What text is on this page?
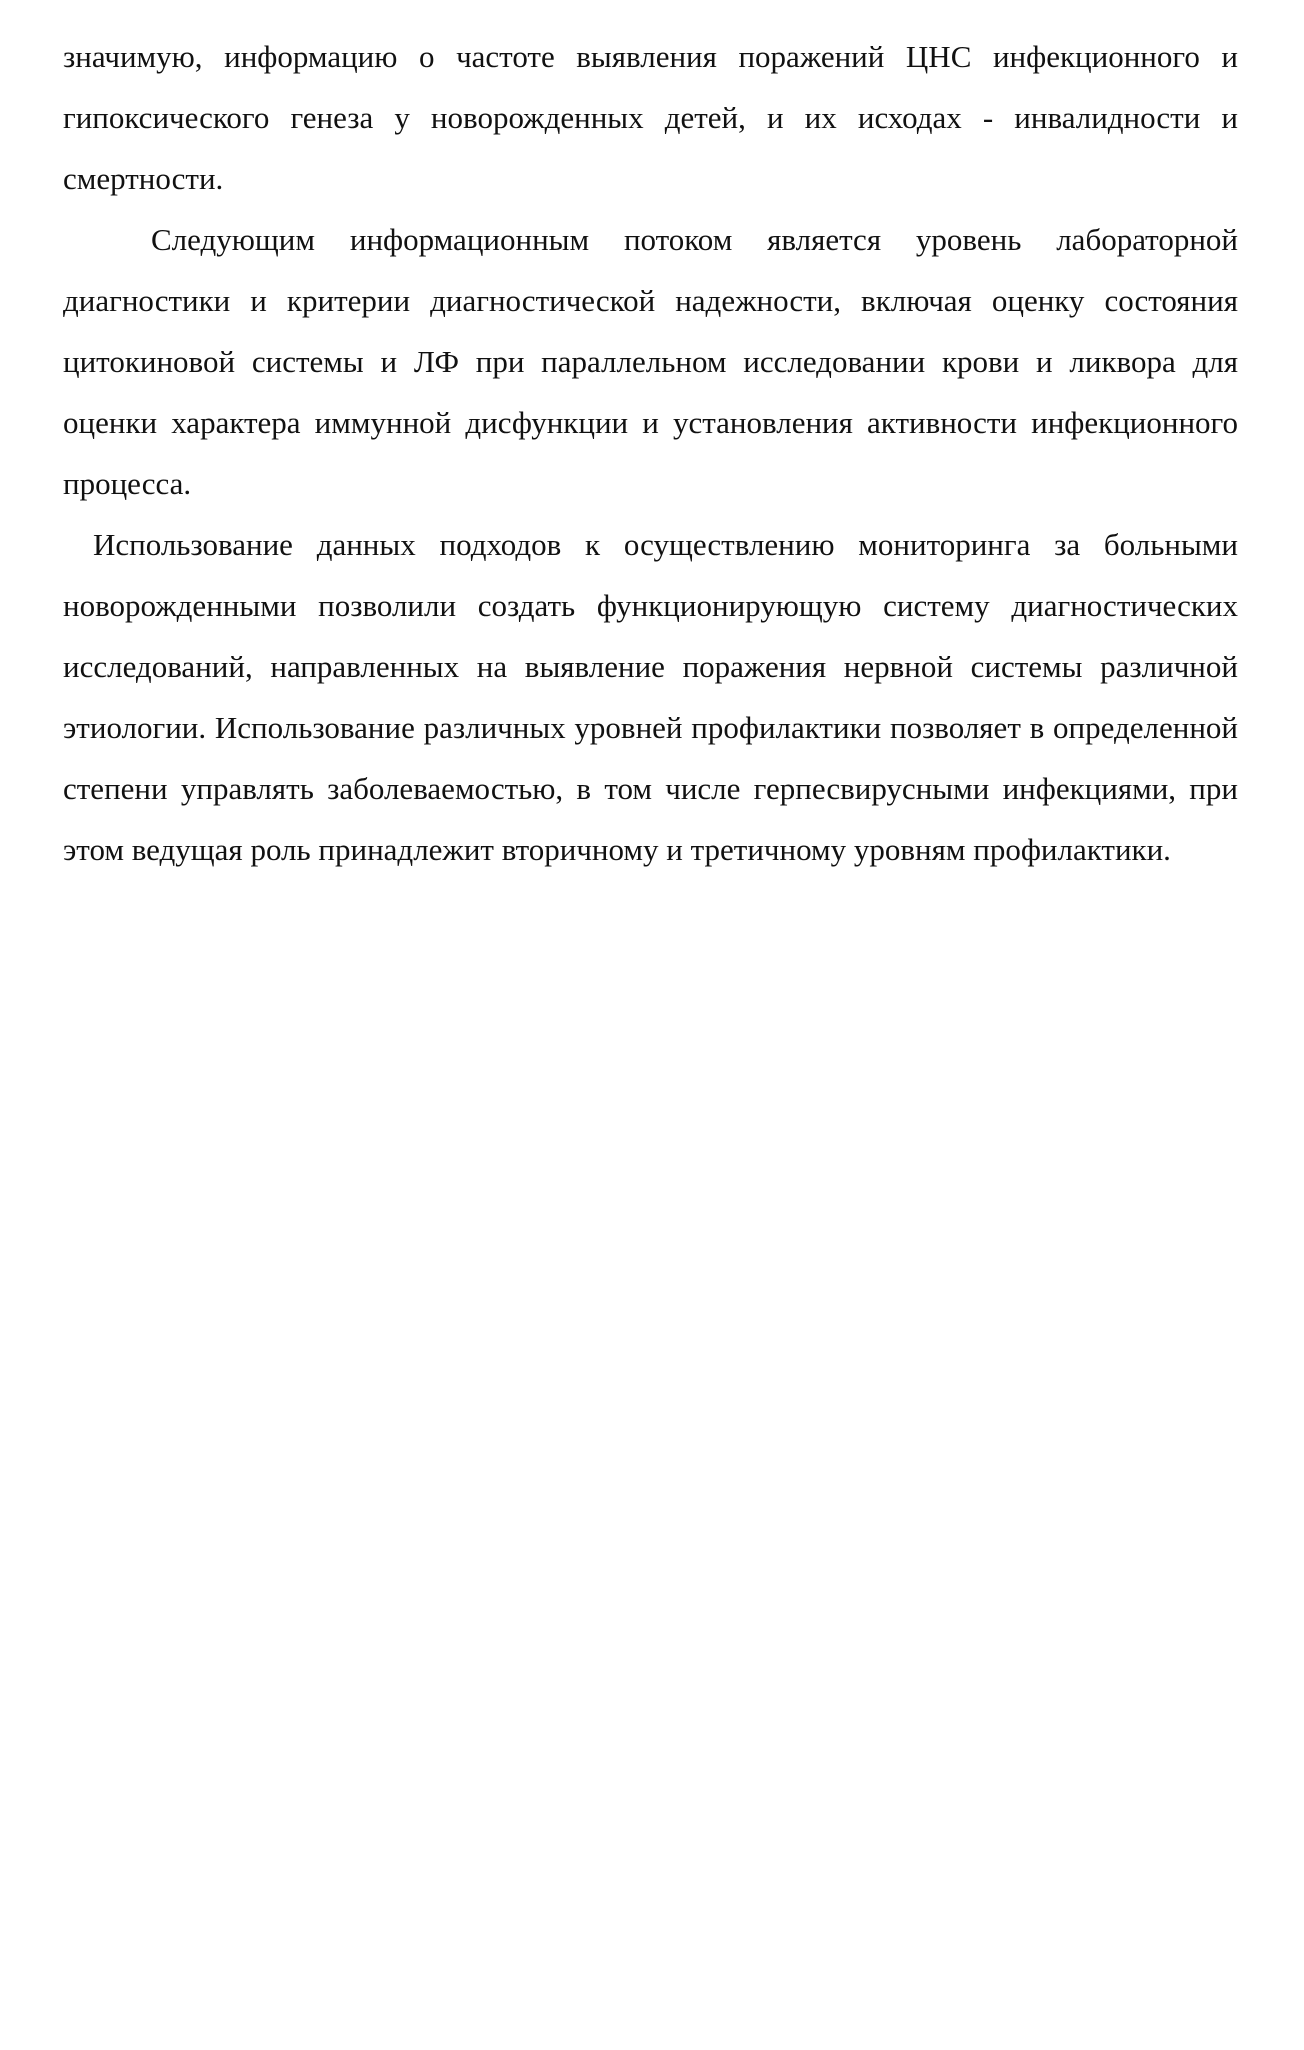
значимую, информацию о частоте выявления поражений ЦНС инфекционного и гипоксического генеза у новорожденных детей, и их исходах - инвалидности и смертности.

Следующим информационным потоком является уровень лабораторной диагностики и критерии диагностической надежности, включая оценку состояния цитокиновой системы и ЛФ при параллельном исследовании крови и ликвора для оценки характера иммунной дисфункции и установления активности инфекционного процесса.

Использование данных подходов к осуществлению мониторинга за больными новорожденными позволили создать функционирующую систему диагностических исследований, направленных на выявление поражения нервной системы различной этиологии. Использование различных уровней профилактики позволяет в определенной степени управлять заболеваемостью, в том числе герпесвирусными инфекциями, при этом ведущая роль принадлежит вторичному и третичному уровням профилактики.
